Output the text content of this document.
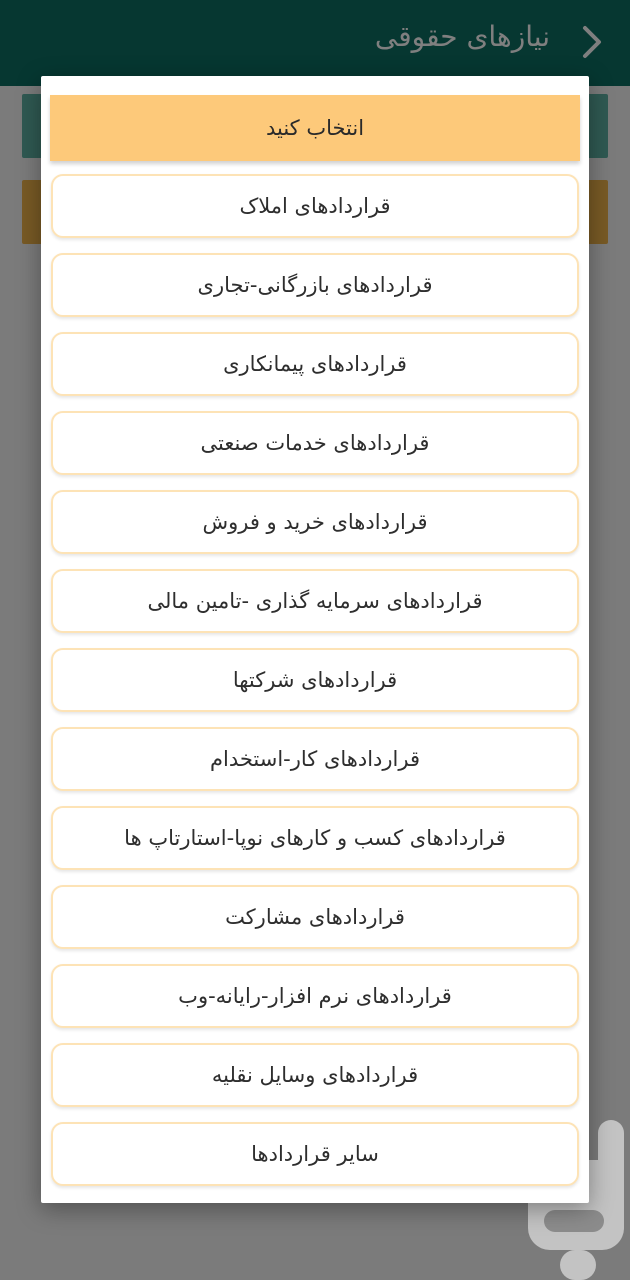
انتخاب کنید
قراردادهای املاک
قراردادهای بازرگانی-تجاری
قراردادهای پیمانکاری
قراردادهای خدمات صنعتی
قراردادهای خرید و فروش
قراردادهای سرمایه گذاری -تامین مالی
قراردادهای شرکتها
قراردادهای کار-استخدام
قراردادهای کسب و کارهای نوپا-استارتاپ ها
قراردادهای مشارکت
قراردادهای نرم افزار-رایانه-وب
قراردادهای وسایل نقلیه
سایر قراردادها
